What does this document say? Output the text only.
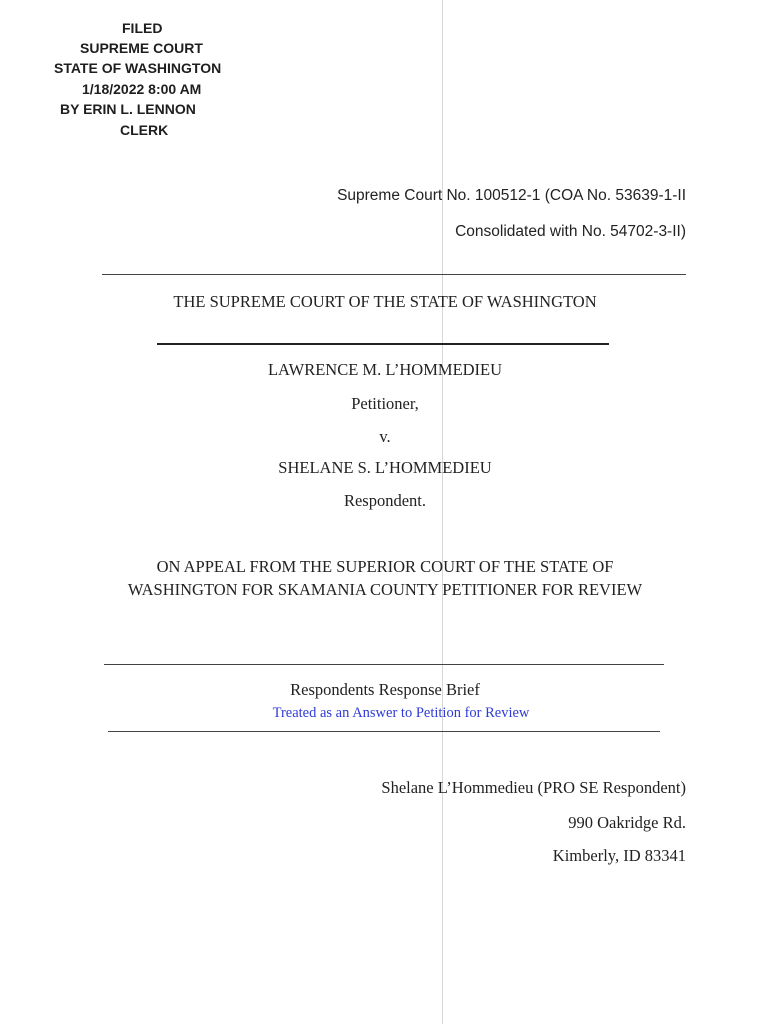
FILED
SUPREME COURT
STATE OF WASHINGTON
1/18/2022 8:00 AM
BY ERIN L. LENNON
CLERK
Supreme Court No. 100512-1 (COA No. 53639-1-II
Consolidated with No. 54702-3-II)
THE SUPREME COURT OF THE STATE OF WASHINGTON
LAWRENCE M. L’HOMMEDIEU
Petitioner,
v.
SHELANE S. L’HOMMEDIEU
Respondent.
ON APPEAL FROM THE SUPERIOR COURT OF THE STATE OF
WASHINGTON FOR SKAMANIA COUNTY PETITIONER FOR REVIEW
Respondents Response Brief
Treated as an Answer to Petition for Review
Shelane L’Hommedieu (PRO SE Respondent)
990 Oakridge Rd.
Kimberly, ID 83341
